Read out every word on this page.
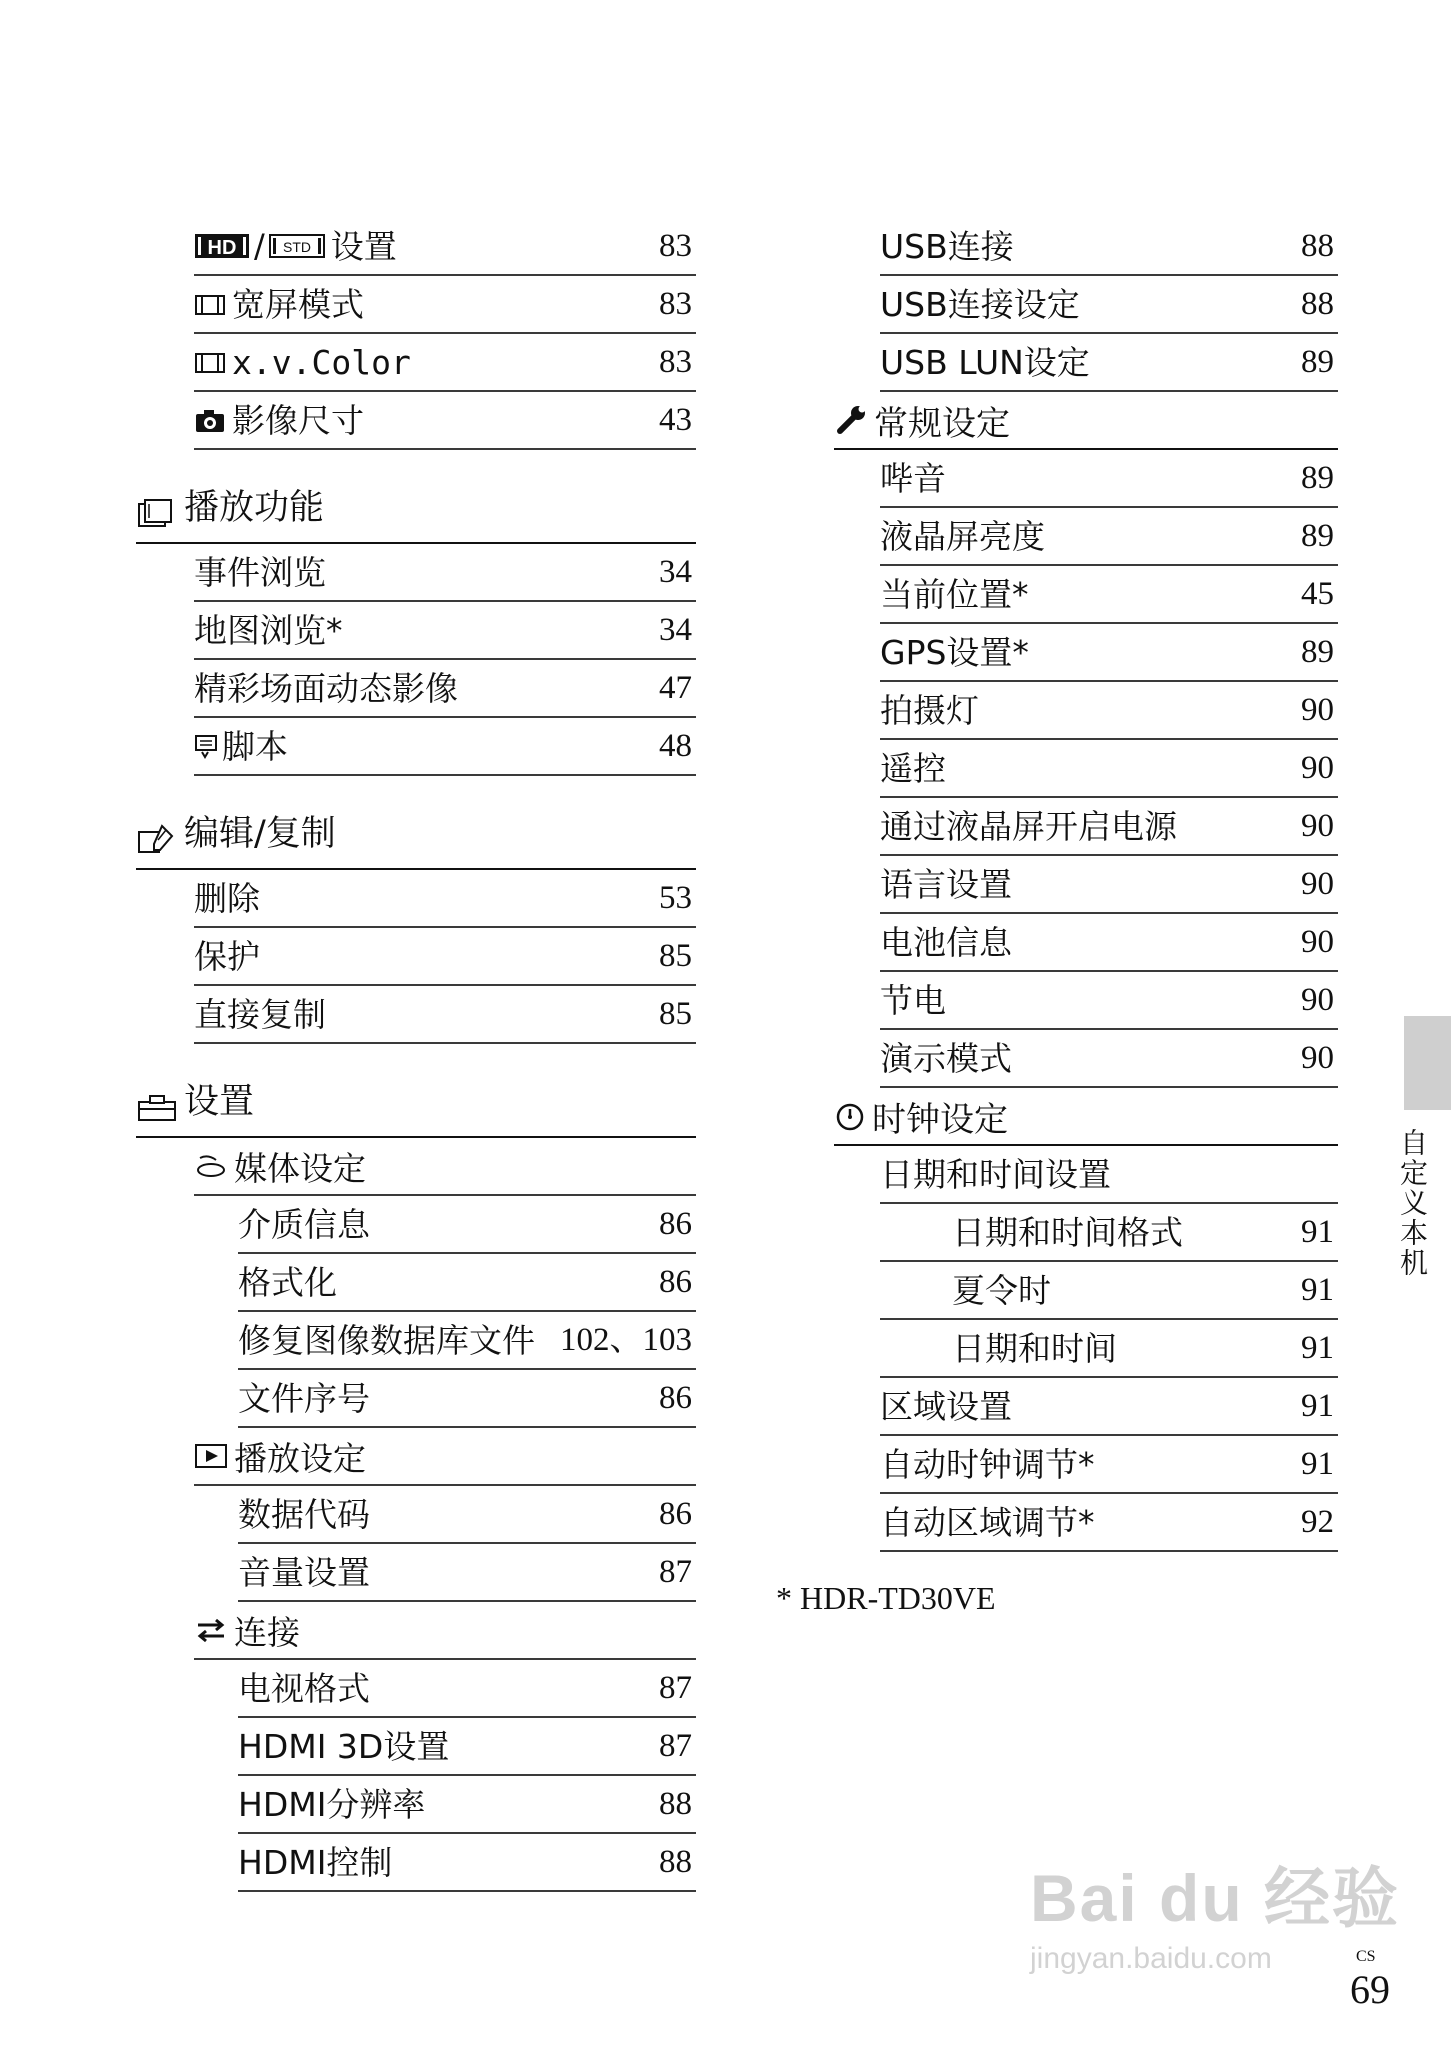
HD / STD 设置	83
宽屏模式	83
x.v.Color	83
影像尺寸	43
播放功能
事件浏览	34
地图浏览*	34
精彩场面动态影像	47
脚本	48
编辑/复制
删除	53
保护	85
直接复制	85
设置
媒体设定
介质信息	86
格式化	86
修复图像数据库文件 102、103
文件序号	86
播放设定
数据代码	86
音量设置	87
连接
电视格式	87
HDMI 3D设置	87
HDMI分辨率	88
HDMI控制	88
USB连接	88
USB连接设定	88
USB LUN设定	89
常规设定
哔音	89
液晶屏亮度	89
当前位置*	45
GPS设置*	89
拍摄灯	90
遥控	90
通过液晶屏开启电源	90
语言设置	90
电池信息	90
节电	90
演示模式	90
时钟设定
日期和时间设置
日期和时间格式	91
夏令时	91
日期和时间	91
区域设置	91
自动时钟调节*	91
自动区域调节*	92
* HDR-TD30VE
自定义本机
Bai du 经验
jingyan.baidu.com	CS
69
